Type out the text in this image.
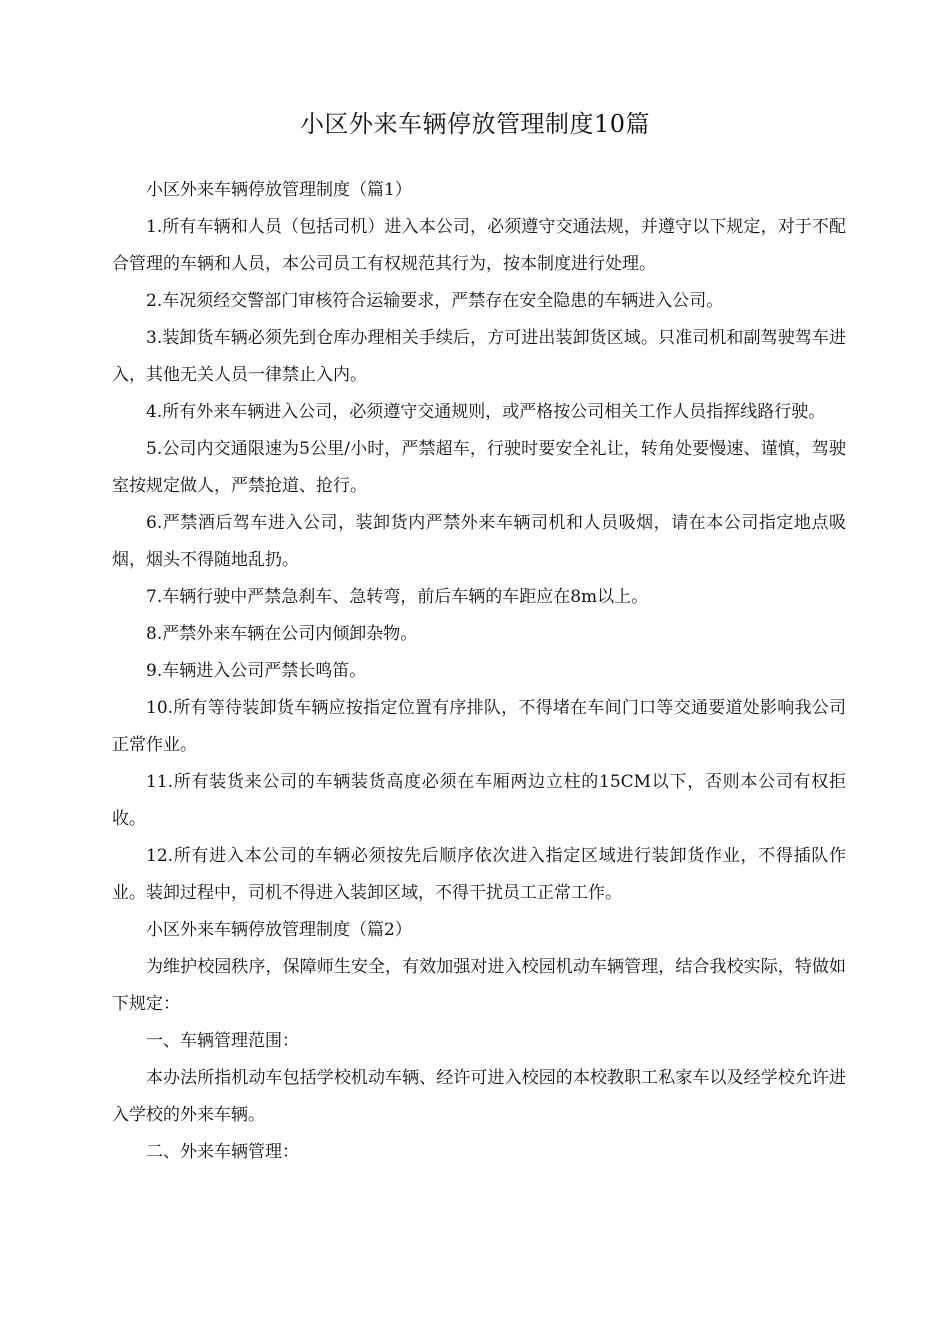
小区外来车辆停放管理制度10篇

小区外来车辆停放管理制度（篇1）

1.所有车辆和人员（包括司机）进入本公司，必须遵守交通法规，并遵守以下规定，对于不配合管理的车辆和人员，本公司员工有权规范其行为，按本制度进行处理。

2.车况须经交警部门审核符合运输要求，严禁存在安全隐患的车辆进入公司。

3.装卸货车辆必须先到仓库办理相关手续后，方可进出装卸货区域。只准司机和副驾驶驾车进入，其他无关人员一律禁止入内。

4.所有外来车辆进入公司，必须遵守交通规则，或严格按公司相关工作人员指挥线路行驶。

5.公司内交通限速为5公里/小时，严禁超车，行驶时要安全礼让，转角处要慢速、谨慎，驾驶室按规定做人，严禁抢道、抢行。

6.严禁酒后驾车进入公司，装卸货内严禁外来车辆司机和人员吸烟，请在本公司指定地点吸烟，烟头不得随地乱扔。

7.车辆行驶中严禁急刹车、急转弯，前后车辆的车距应在8m以上。

8.严禁外来车辆在公司内倾卸杂物。

9.车辆进入公司严禁长鸣笛。

10.所有等待装卸货车辆应按指定位置有序排队，不得堵在车间门口等交通要道处影响我公司正常作业。

11.所有装货来公司的车辆装货高度必须在车厢两边立柱的15CM以下，否则本公司有权拒收。

12.所有进入本公司的车辆必须按先后顺序依次进入指定区域进行装卸货作业，不得插队作业。装卸过程中，司机不得进入装卸区域，不得干扰员工正常工作。

小区外来车辆停放管理制度（篇2）

为维护校园秩序，保障师生安全，有效加强对进入校园机动车辆管理，结合我校实际，特做如下规定：

一、车辆管理范围：

本办法所指机动车包括学校机动车辆、经许可进入校园的本校教职工私家车以及经学校允许进入学校的外来车辆。

二、外来车辆管理：
